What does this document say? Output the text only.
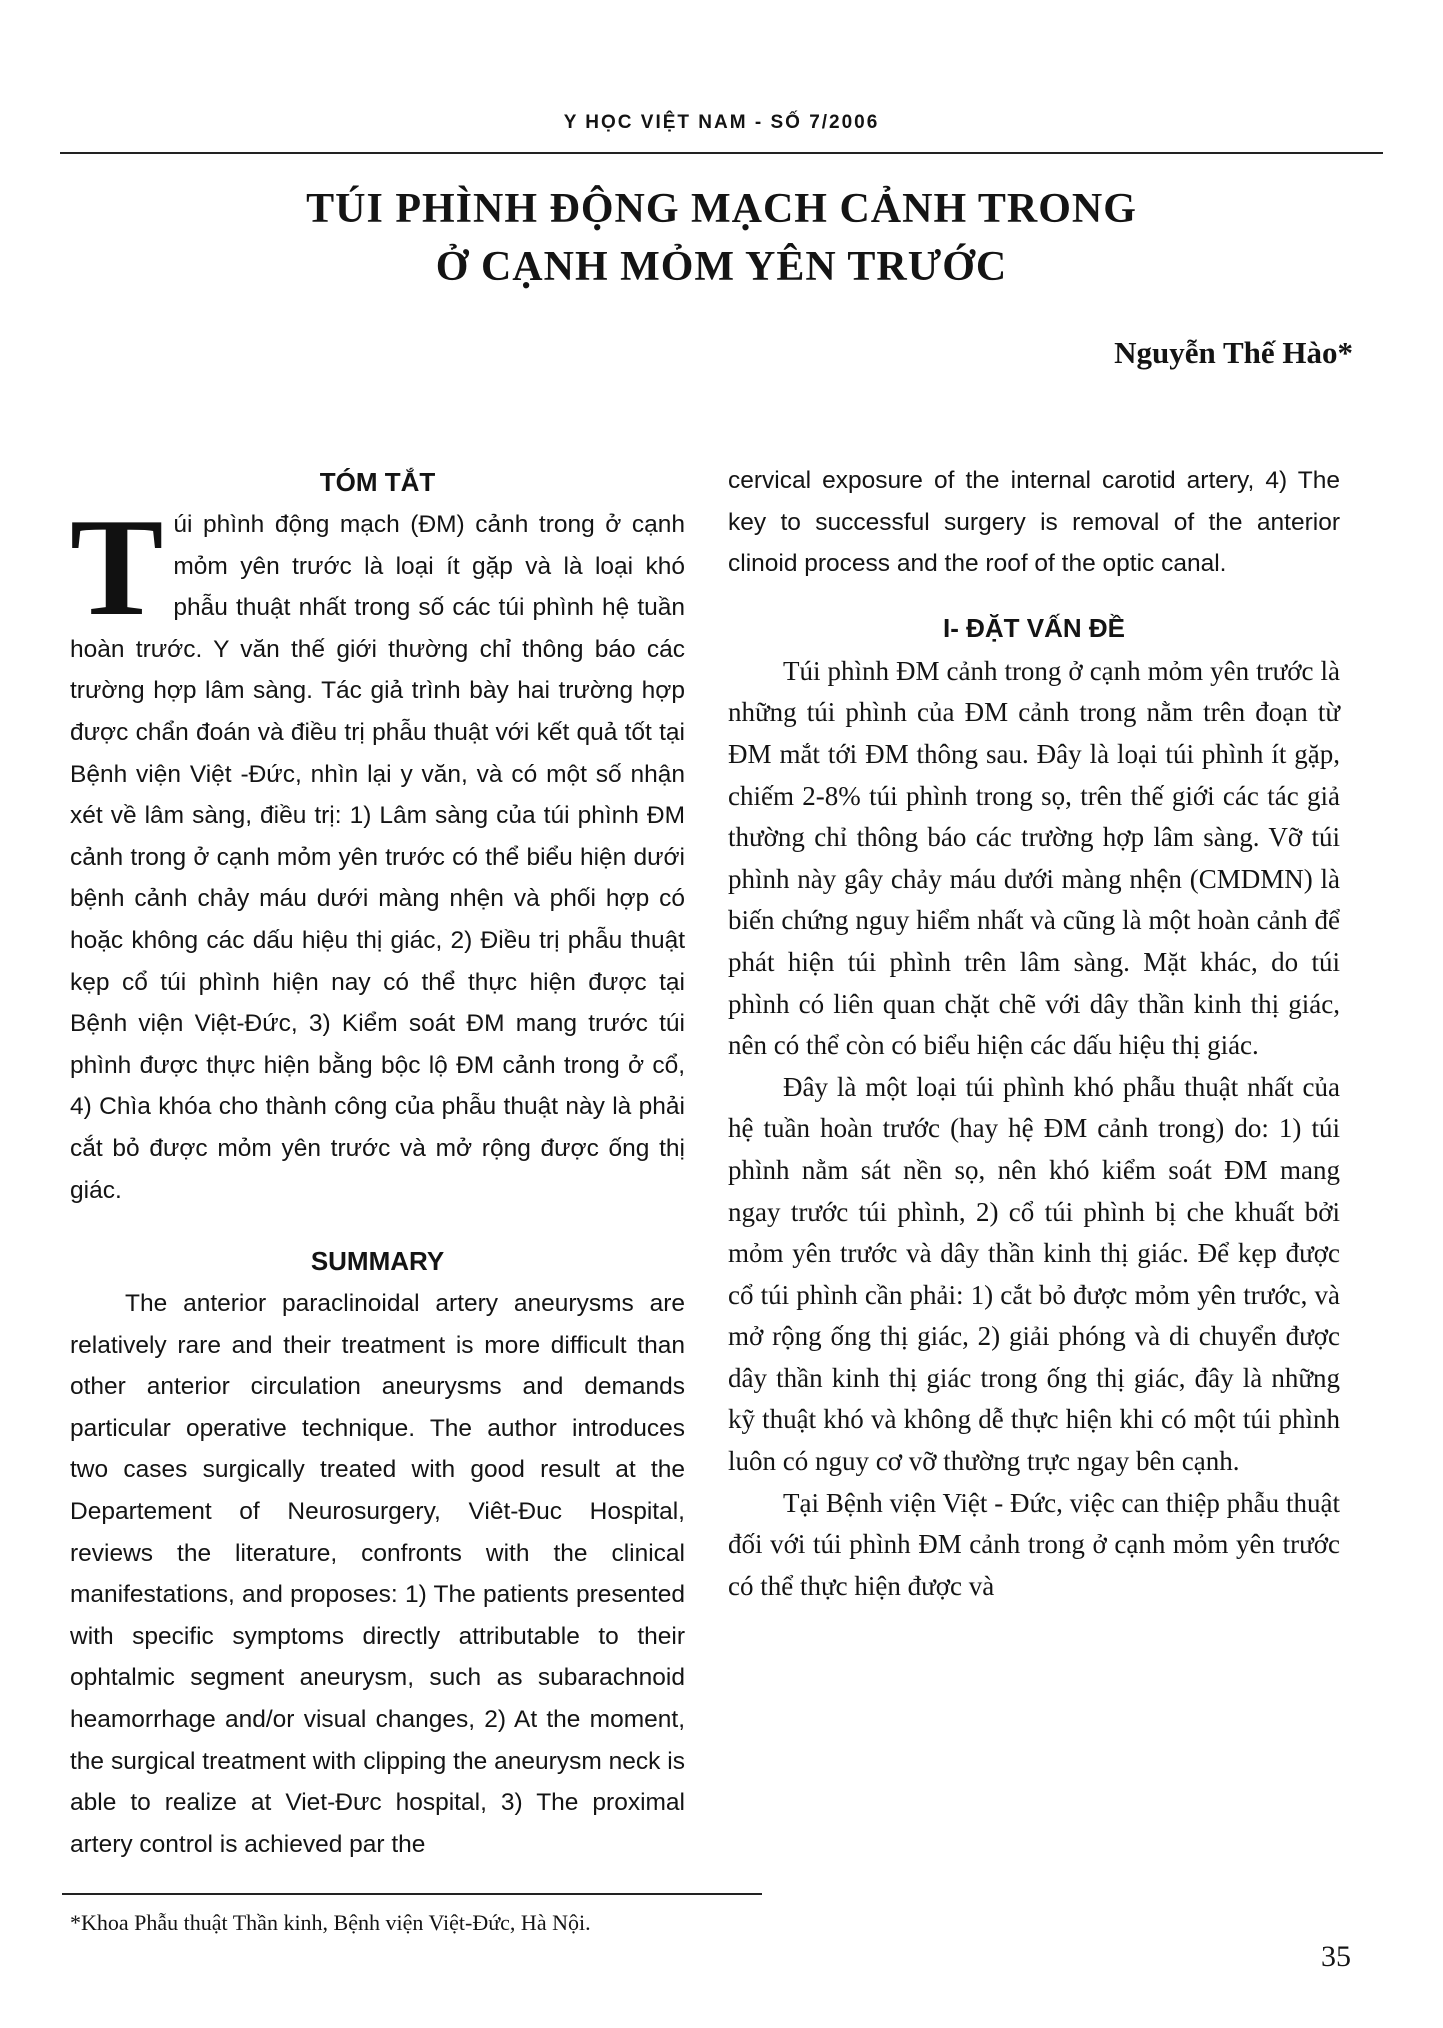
Y HỌC VIỆT NAM - SỐ 7/2006
TÚI PHÌNH ĐỘNG MẠCH CẢNH TRONG
Ở CẠNH MỎM YÊN TRƯỚC
Nguyễn Thế Hào*

TÓM TẮT

Túi phình động mạch (ĐM) cảnh trong ở cạnh mỏm yên trước là loại ít gặp và là loại khó phẫu thuật nhất trong số các túi phình hệ tuần hoàn trước. Y văn thế giới thường chỉ thông báo các trường hợp lâm sàng. Tác giả trình bày hai trường hợp được chẩn đoán và điều trị phẫu thuật với kết quả tốt tại Bệnh viện Việt -Đức, nhìn lại y văn, và có một số nhận xét về lâm sàng, điều trị: 1) Lâm sàng của túi phình ĐM cảnh trong ở cạnh mỏm yên trước có thể biểu hiện dưới bệnh cảnh chảy máu dưới màng nhện và phối hợp có hoặc không các dấu hiệu thị giác, 2) Điều trị phẫu thuật kẹp cổ túi phình hiện nay có thể thực hiện được tại Bệnh viện Việt-Đức, 3) Kiểm soát ĐM mang trước túi phình được thực hiện bằng bộc lộ ĐM cảnh trong ở cổ, 4) Chìa khóa cho thành công của phẫu thuật này là phải cắt bỏ được mỏm yên trước và mở rộng được ống thị giác.

SUMMARY

The anterior paraclinoidal artery aneurysms are relatively rare and their treatment is more difficult than other anterior circulation aneurysms and demands particular operative technique. The author introduces two cases surgically treated with good result at the Departement of Neurosurgery, Viêt-Đuc Hospital, reviews the literature, confronts with the clinical manifestations, and proposes: 1) The patients presented with specific symptoms directly attributable to their ophtalmic segment aneurysm, such as subarachnoid heamorrhage and/or visual changes, 2) At the moment, the surgical treatment with clipping the aneurysm neck is able to realize at Viet-Đưc hospital, 3) The proximal artery control is achieved par the

cervical exposure of the internal carotid artery, 4) The key to successful surgery is removal of the anterior clinoid process and the roof of the optic canal.

I- ĐẶT VẤN ĐỀ

Túi phình ĐM cảnh trong ở cạnh mỏm yên trước là những túi phình của ĐM cảnh trong nằm trên đoạn từ ĐM mắt tới ĐM thông sau. Đây là loại túi phình ít gặp, chiếm 2-8% túi phình trong sọ, trên thế giới các tác giả thường chỉ thông báo các trường hợp lâm sàng. Vỡ túi phình này gây chảy máu dưới màng nhện (CMDMN) là biến chứng nguy hiểm nhất và cũng là một hoàn cảnh để phát hiện túi phình trên lâm sàng. Mặt khác, do túi phình có liên quan chặt chẽ với dây thần kinh thị giác, nên có thể còn có biểu hiện các dấu hiệu thị giác.

Đây là một loại túi phình khó phẫu thuật nhất của hệ tuần hoàn trước (hay hệ ĐM cảnh trong) do: 1) túi phình nằm sát nền sọ, nên khó kiểm soát ĐM mang ngay trước túi phình, 2) cổ túi phình bị che khuất bởi mỏm yên trước và dây thần kinh thị giác. Để kẹp được cổ túi phình cần phải: 1) cắt bỏ được mỏm yên trước, và mở rộng ống thị giác, 2) giải phóng và di chuyển được dây thần kinh thị giác trong ống thị giác, đây là những kỹ thuật khó và không dễ thực hiện khi có một túi phình luôn có nguy cơ vỡ thường trực ngay bên cạnh.

Tại Bệnh viện Việt - Đức, việc can thiệp phẫu thuật đối với túi phình ĐM cảnh trong ở cạnh mỏm yên trước có thể thực hiện được và

*Khoa Phẫu thuật Thần kinh, Bệnh viện Việt-Đức, Hà Nội.
35
